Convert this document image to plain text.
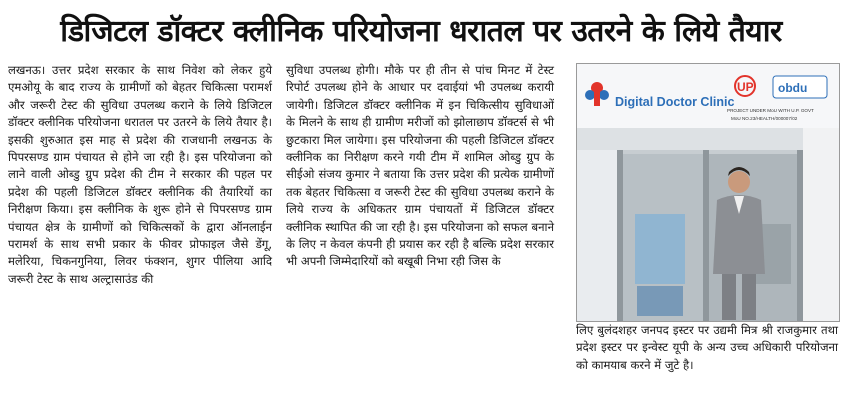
डिजिटल डॉक्टर क्लीनिक परियोजना धरातल पर उतरने के लिये तैयार

लखनऊ। उत्तर प्रदेश सरकार के साथ निवेश को लेकर हुये एमओयू के बाद राज्य के ग्रामीणों को बेहतर चिकित्सा परामर्श और जरूरी टेस्ट की सुविधा उपलब्ध कराने के लिये डिजिटल डॉक्टर क्लीनिक परियोजना धरातल पर उतरने के लिये तैयार है। इसकी शुरुआत इस माह से प्रदेश की राजधानी लखनऊ के पिपरसण्ड ग्राम पंचायत से होने जा रही है। इस परियोजना को लाने वाली ओब्डु ग्रुप प्रदेश की टीम ने सरकार की पहल पर प्रदेश की पहली डिजिटल डॉक्टर क्लीनिक की तैयारियों का निरीक्षण किया। इस क्लीनिक के शुरू होने से पिपरसण्ड ग्राम पंचायत क्षेत्र के ग्रामीणों को चिकित्सकों के द्वारा ऑनलाईन परामर्श के साथ सभी प्रकार के फीवर प्रोफाइल जैसे डेंगू, मलेरिया, चिकनगुनिया, लिवर फंक्शन, शुगर पीलिया आदि जरूरी टेस्ट के साथ अल्ट्रासाउंड की

सुविधा उपलब्ध होगी। मौके पर ही तीन से पांच मिनट में टेस्ट रिपोर्ट उपलब्ध होने के आधार पर दवाईयां भी उपलब्ध करायी जायेगी। डिजिटल डॉक्टर क्लीनिक में इन चिकित्सीय सुविधाओं के मिलने के साथ ही ग्रामीण मरीजों को झोलाछाप डॉक्टर्स से भी छुटकारा मिल जायेगा। इस परियोजना की पहली डिजिटल डॉक्टर क्लीनिक का निरीक्षण करने गयी टीम में शामिल ओब्डु ग्रुप के सीईओ संजय कुमार ने बताया कि उत्तर प्रदेश की प्रत्येक ग्रामीणों तक बेहतर चिकित्सा व जरूरी टेस्ट की सुविधा उपलब्ध कराने के लिये राज्य के अधिकतर ग्राम पंचायतों में डिजिटल डॉक्टर क्लीनिक स्थापित की जा रही है। इस परियोजना को सफल बनाने के लिए न केवल कंपनी ही प्रयास कर रही है बल्कि प्रदेश सरकार भी अपनी जिम्मेदारियों को बखूबी निभा रही जिस के

Digital Doctor Clinic
UP obdu
PROJECT UNDER MoU WITH U.P. GOVT
MoU NO.23/HEALTH/000007/02
लिए बुलंदशहर जनपद इस्टर पर उद्यमी मित्र श्री राजकुमार तथा प्रदेश इस्टर पर इन्वेस्ट यूपी के अन्य उच्च अधिकारी परियोजना को कामयाब करने में जुटे है।
